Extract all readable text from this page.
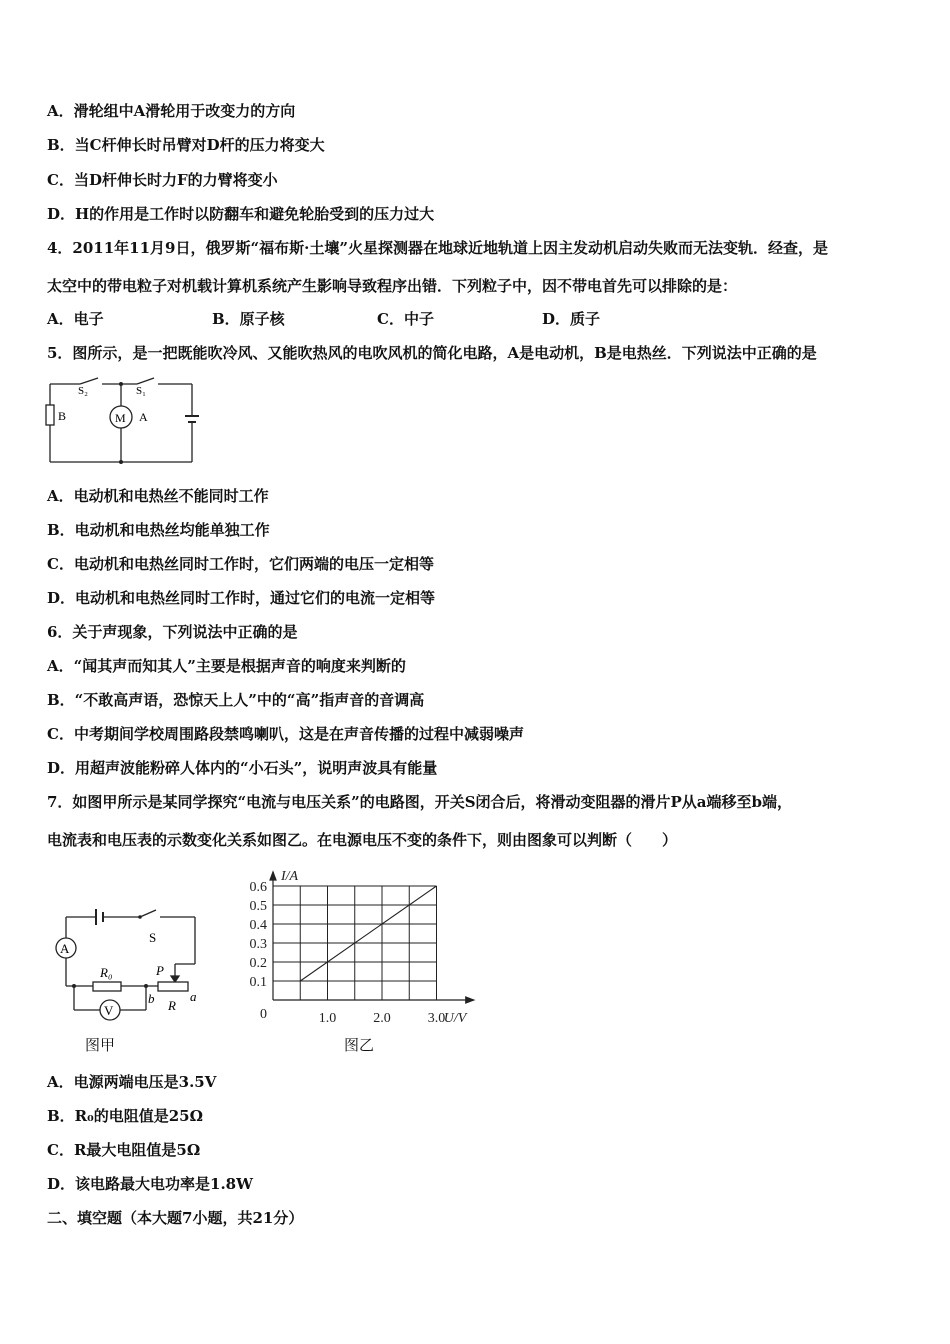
A．滑轮组中A滑轮用于改变力的方向
B．当C杆伸长时吊臂对D杆的压力将变大
C．当D杆伸长时力F的力臂将变小
D．H的作用是工作时以防翻车和避免轮胎受到的压力过大
4．2011年11月9日，俄罗斯“福布斯·土壤”火星探测器在地球近地轨道上因主发动机启动失败而无法变轨．经查，是
太空中的带电粒子对机载计算机系统产生影响导致程序出错．下列粒子中，因不带电首先可以排除的是：
A．电子	B．原子核	C．中子	D．质子
5．图所示，是一把既能吹冷风、又能吹热风的电吹风机的简化电路，A是电动机，B是电热丝．下列说法中正确的是
S₂	S₁
B	M A
A．电动机和电热丝不能同时工作
B．电动机和电热丝均能单独工作
C．电动机和电热丝同时工作时，它们两端的电压一定相等
D．电动机和电热丝同时工作时，通过它们的电流一定相等
6．关于声现象，下列说法中正确的是
A．“闻其声而知其人”主要是根据声音的响度来判断的
B．“不敢高声语，恐惊天上人”中的“高”指声音的音调高
C．中考期间学校周围路段禁鸣喇叭，这是在声音传播的过程中减弱噪声
D．用超声波能粉碎人体内的“小石头”，说明声波具有能量
7．如图甲所示是某同学探究“电流与电压关系”的电路图，开关S闭合后，将滑动变阻器的滑片P从a端移至b端，
电流表和电压表的示数变化关系如图乙。在电源电压不变的条件下，则由图象可以判断（　　）
A
V
S
R₀	P
b R
a
图甲
0.1
0.2
0.3
0.4
0.5
0.6
1.0	2.0	3.0
0
I/A
U/V
图乙
A．电源两端电压是3.5V
B．R₀的电阻值是25Ω
C．R最大电阻值是5Ω
D．该电路最大电功率是1.8W
二、填空题（本大题7小题，共21分）
